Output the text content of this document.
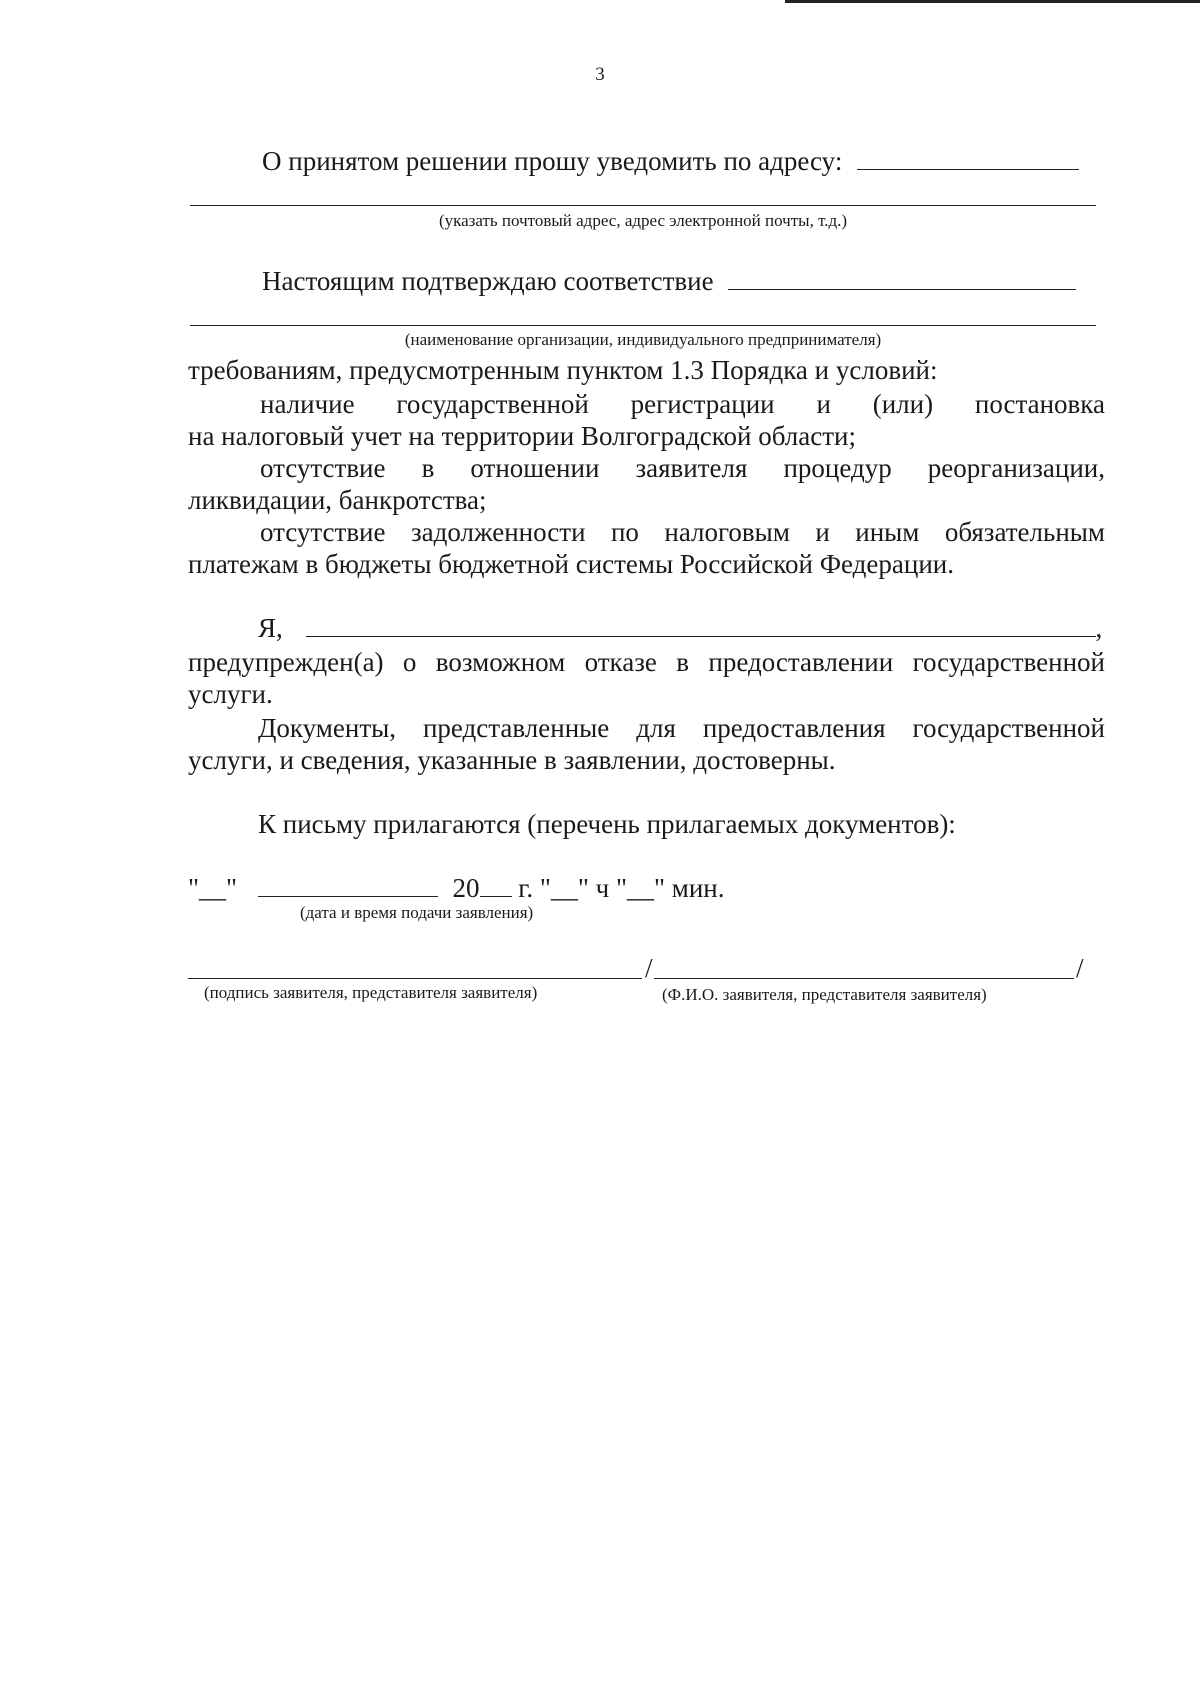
3
О принятом решении прошу уведомить по адресу:
(указать почтовый адрес, адрес электронной почты, т.д.)
Настоящим подтверждаю соответствие
(наименование организации, индивидуального предпринимателя)
требованиям, предусмотренным пунктом 1.3 Порядка и условий:
наличие государственной регистрации и (или) постановка
на налоговый учет на территории Волгоградской области;
отсутствие в отношении заявителя процедур реорганизации,
ликвидации, банкротства;
отсутствие задолженности по налоговым и иным обязательным
платежам в бюджеты бюджетной системы Российской Федерации.
Я,	,
предупрежден(а) о возможном отказе в предоставлении государственной
услуги.
Документы, представленные для предоставления государственной
услуги, и сведения, указанные в заявлении, достоверны.
К письму прилагаются (перечень прилагаемых документов):
"__"	20 г. "__" ч "__" мин.
(дата и время подачи заявления)
/	/
(подпись заявителя, представителя заявителя)	(Ф.И.О. заявителя, представителя заявителя)
